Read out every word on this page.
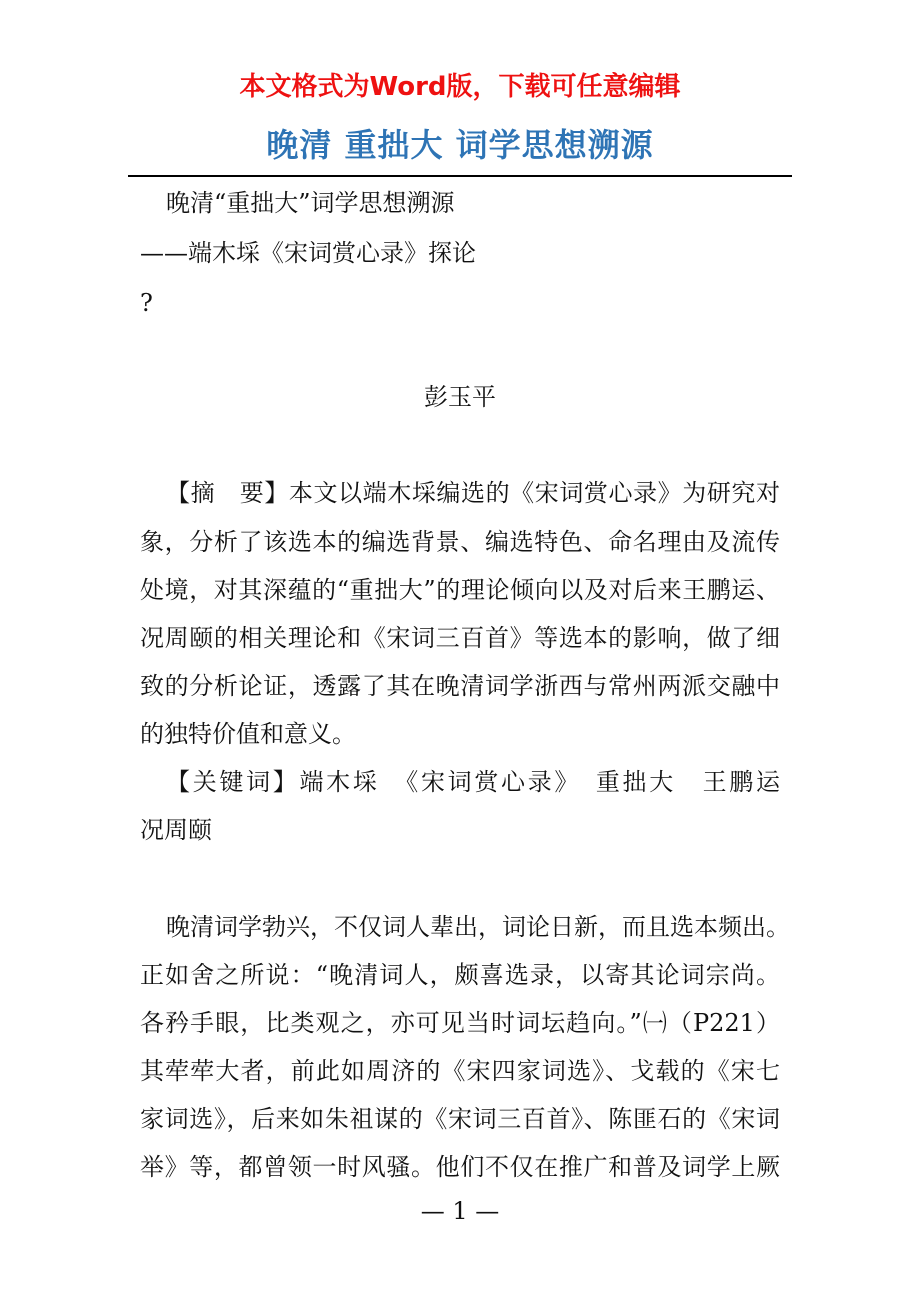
本文格式为Word版，下载可任意编辑
晚清 重拙大 词学思想溯源
晚清“重拙大”词学思想溯源
——端木埰《宋词赏心录》探论
?
彭玉平
【摘　要】本文以端木埰编选的《宋词赏心录》为研究对
象，分析了该选本的编选背景、编选特色、命名理由及流传
处境，对其深蕴的“重拙大”的理论倾向以及对后来王鹏运、
况周颐的相关理论和《宋词三百首》等选本的影响，做了细
致的分析论证，透露了其在晚清词学浙西与常州两派交融中
的独特价值和意义。
【关键词】端木埰　《宋词赏心录》　重拙大　王鹏运
况周颐
晚清词学勃兴，不仅词人辈出，词论日新，而且选本频出。
正如舍之所说：“晚清词人，颇喜选录，以寄其论词宗尚。
各矜手眼，比类观之，亦可见当时词坛趋向。”㈠（P221）
其荦荦大者，前此如周济的《宋四家词选》、戈载的《宋七
家词选》，后来如朱祖谋的《宋词三百首》、陈匪石的《宋词
举》等，都曾领一时风骚。他们不仅在推广和普及词学上厥
— 1 —
